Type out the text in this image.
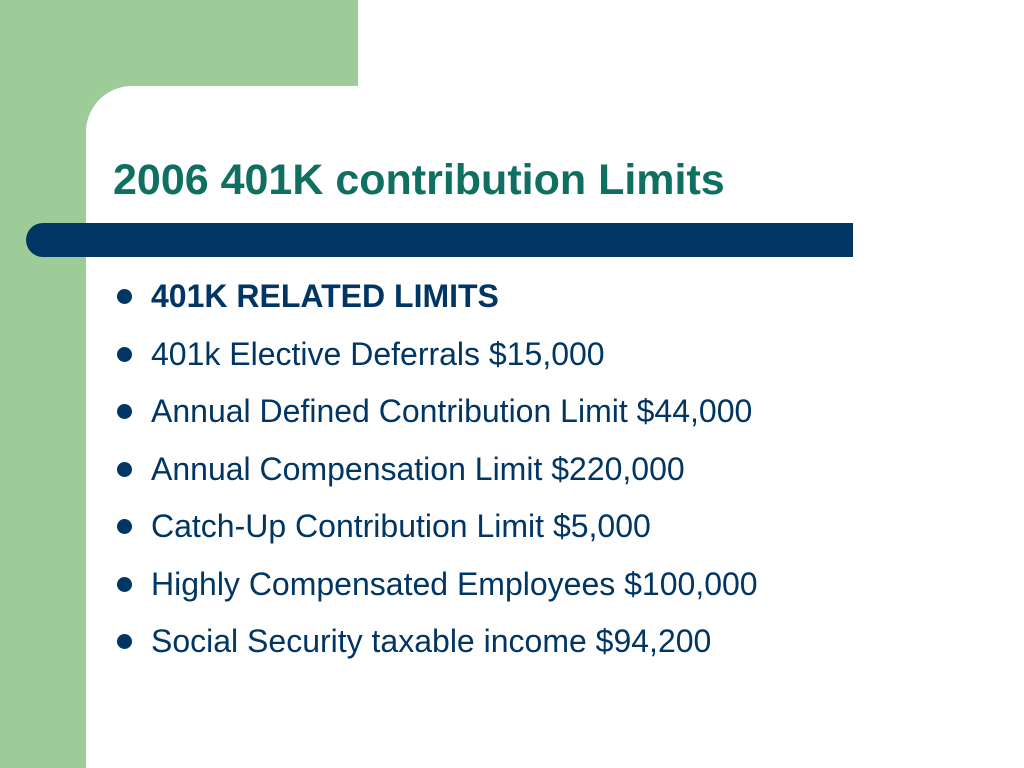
2006 401K contribution Limits
401K RELATED LIMITS
401k Elective Deferrals $15,000
Annual Defined Contribution Limit $44,000
Annual Compensation Limit $220,000
Catch-Up Contribution Limit $5,000
Highly Compensated Employees $100,000
Social Security taxable income $94,200
